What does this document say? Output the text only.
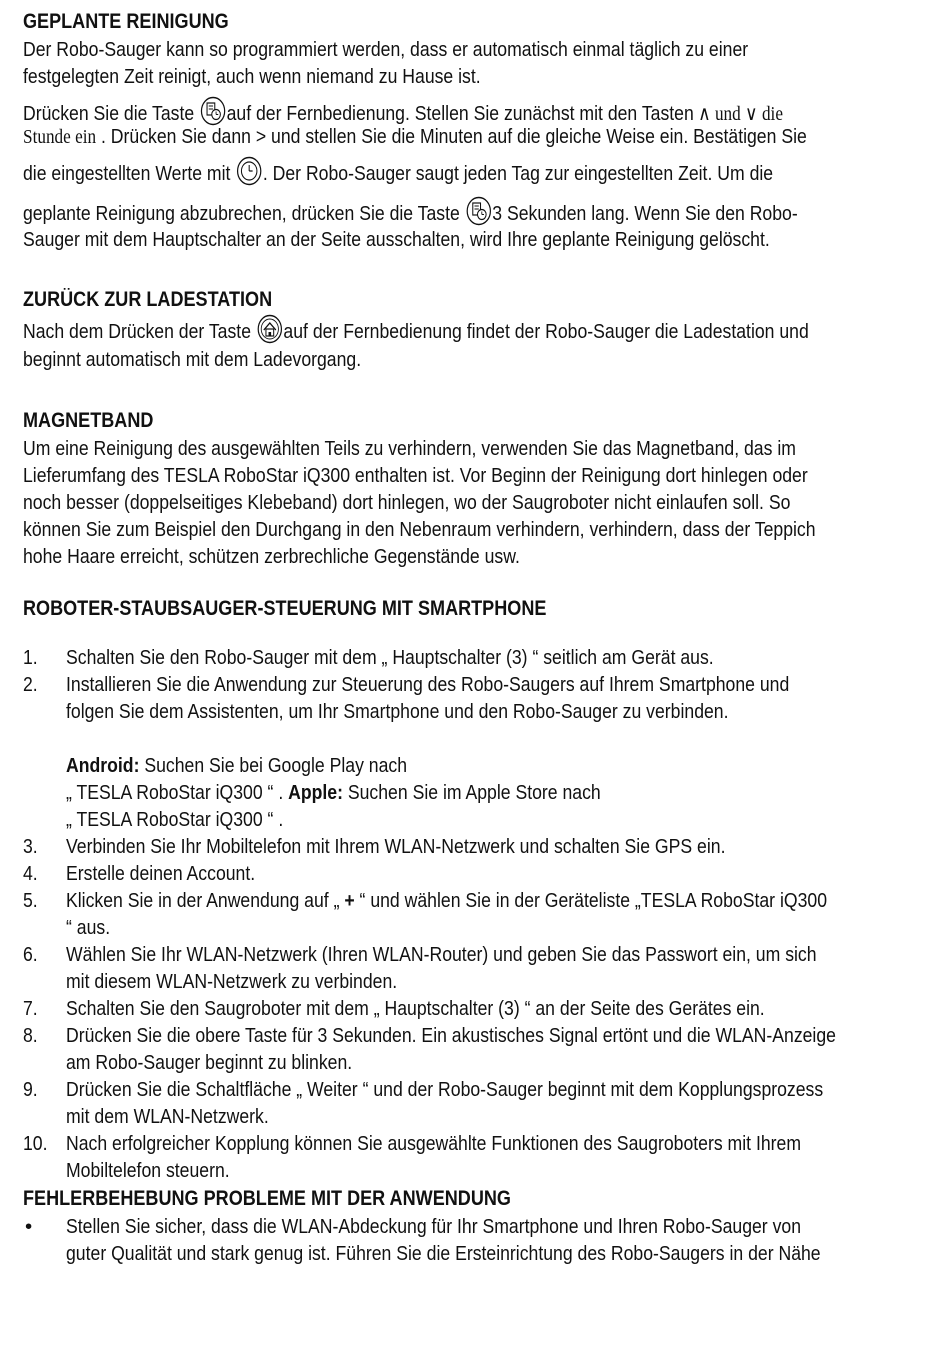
GEPLANTE REINIGUNG
Der Robo-Sauger kann so programmiert werden, dass er automatisch einmal täglich zu einer
festgelegten Zeit reinigt, auch wenn niemand zu Hause ist.
Drücken Sie die Taste auf der Fernbedienung. Stellen Sie zunächst mit den Tasten ∧ und ∨ die
Stunde ein . Drücken Sie dann > und stellen Sie die Minuten auf die gleiche Weise ein. Bestätigen Sie
die eingestellten Werte mit . Der Robo-Sauger saugt jeden Tag zur eingestellten Zeit. Um die
geplante Reinigung abzubrechen, drücken Sie die Taste 3 Sekunden lang. Wenn Sie den Robo-
Sauger mit dem Hauptschalter an der Seite ausschalten, wird Ihre geplante Reinigung gelöscht.
ZURÜCK ZUR LADESTATION
Nach dem Drücken der Taste auf der Fernbedienung findet der Robo-Sauger die Ladestation und
beginnt automatisch mit dem Ladevorgang.
MAGNETBAND
Um eine Reinigung des ausgewählten Teils zu verhindern, verwenden Sie das Magnetband, das im
Lieferumfang des TESLA RoboStar iQ300 enthalten ist. Vor Beginn der Reinigung dort hinlegen oder
noch besser (doppelseitiges Klebeband) dort hinlegen, wo der Saugroboter nicht einlaufen soll. So
können Sie zum Beispiel den Durchgang in den Nebenraum verhindern, verhindern, dass der Teppich
hohe Haare erreicht, schützen zerbrechliche Gegenstände usw.
ROBOTER-STAUBSAUGER-STEUERUNG MIT SMARTPHONE
1.	Schalten Sie den Robo-Sauger mit dem „ Hauptschalter (3) “ seitlich am Gerät aus.
2.	Installieren Sie die Anwendung zur Steuerung des Robo-Saugers auf Ihrem Smartphone und
folgen Sie dem Assistenten, um Ihr Smartphone und den Robo-Sauger zu verbinden.
Android: Suchen Sie bei Google Play nach
„ TESLA RoboStar iQ300 “ . Apple: Suchen Sie im Apple Store nach
„ TESLA RoboStar iQ300 “ .
3.	Verbinden Sie Ihr Mobiltelefon mit Ihrem WLAN-Netzwerk und schalten Sie GPS ein.
4.	Erstelle deinen Account.
5.	Klicken Sie in der Anwendung auf „ + “ und wählen Sie in der Geräteliste „TESLA RoboStar iQ300
“ aus.
6.	Wählen Sie Ihr WLAN-Netzwerk (Ihren WLAN-Router) und geben Sie das Passwort ein, um sich
mit diesem WLAN-Netzwerk zu verbinden.
7.	Schalten Sie den Saugroboter mit dem „ Hauptschalter (3) “ an der Seite des Gerätes ein.
8.	Drücken Sie die obere Taste für 3 Sekunden. Ein akustisches Signal ertönt und die WLAN-Anzeige
am Robo-Sauger beginnt zu blinken.
9.	Drücken Sie die Schaltfläche „ Weiter “ und der Robo-Sauger beginnt mit dem Kopplungsprozess
mit dem WLAN-Netzwerk.
10. Nach erfolgreicher Kopplung können Sie ausgewählte Funktionen des Saugroboters mit Ihrem
Mobiltelefon steuern.
FEHLERBEHEBUNG PROBLEME MIT DER ANWENDUNG
•	Stellen Sie sicher, dass die WLAN-Abdeckung für Ihr Smartphone und Ihren Robo-Sauger von
guter Qualität und stark genug ist. Führen Sie die Ersteinrichtung des Robo-Saugers in der Nähe
